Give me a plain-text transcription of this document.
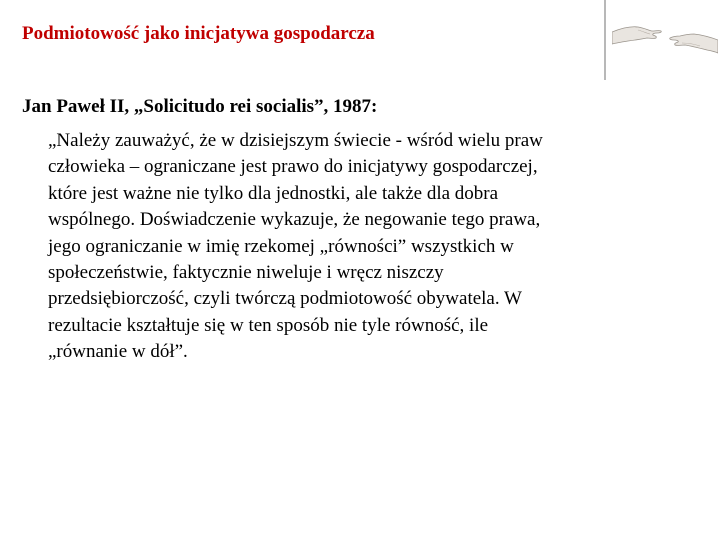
Podmiotowość jako inicjatywa gospodarcza
Jan Paweł II, „Solicitudo rei socialis”, 1987:

„Należy zauważyć, że w dzisiejszym świecie - wśród wielu praw
człowieka – ograniczane jest prawo do inicjatywy gospodarczej,
które jest ważne nie tylko dla jednostki, ale także dla dobra
wspólnego. Doświadczenie wykazuje, że negowanie tego prawa,
jego ograniczanie w imię rzekomej „równości” wszystkich w
społeczeństwie, faktycznie niweluje i wręcz niszczy
przedsiębiorczość, czyli twórczą podmiotowość obywatela. W
rezultacie kształtuje się w ten sposób nie tyle równość, ile
„równanie w dół”.
